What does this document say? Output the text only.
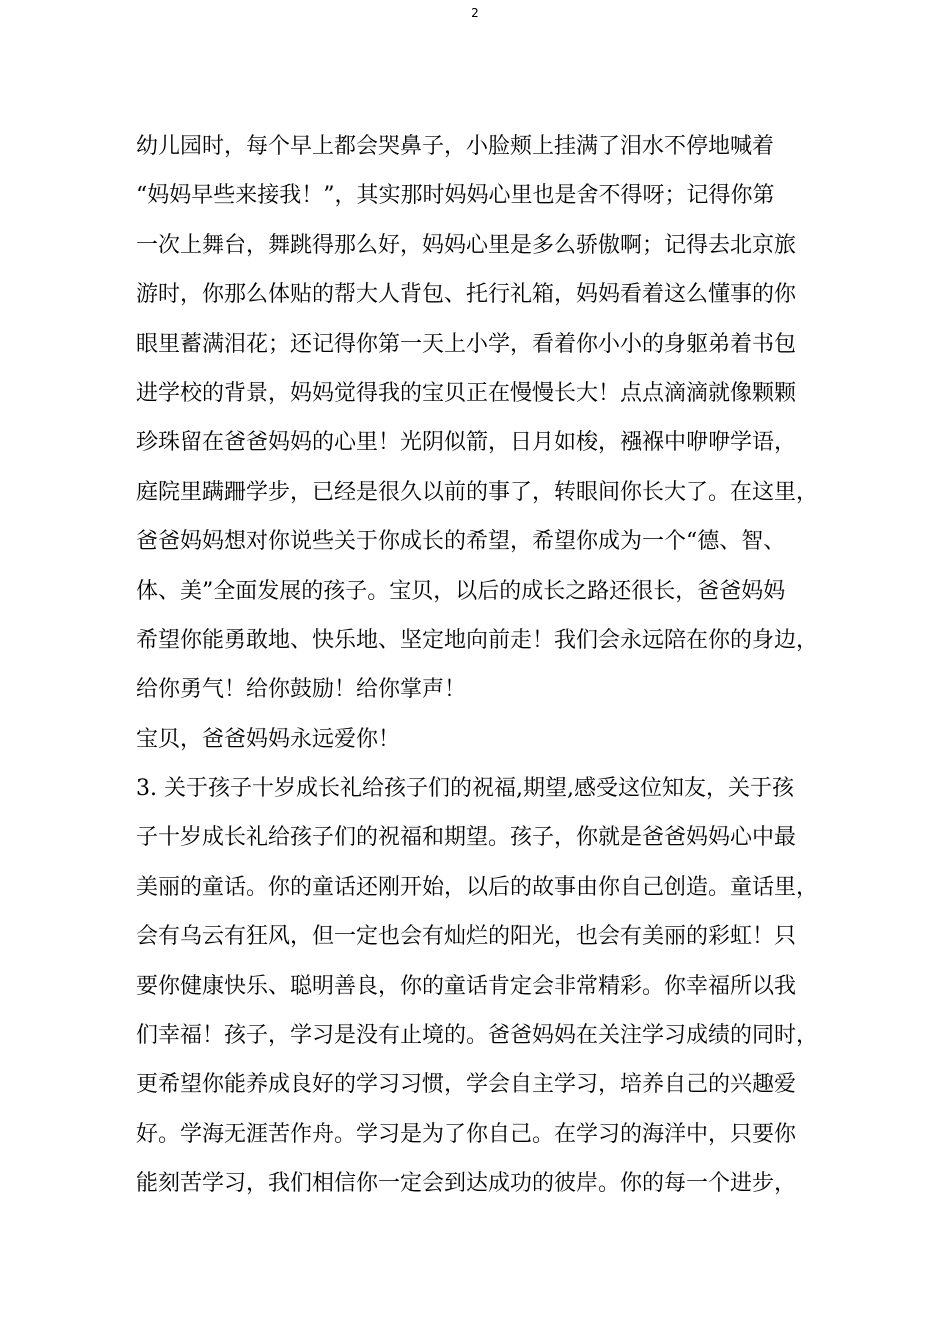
2
幼儿园时，每个早上都会哭鼻子，小脸颊上挂满了泪水不停地喊着
“妈妈早些来接我！”，其实那时妈妈心里也是舍不得呀；记得你第
一次上舞台，舞跳得那么好，妈妈心里是多么骄傲啊；记得去北京旅
游时，你那么体贴的帮大人背包、托行礼箱，妈妈看着这么懂事的你
眼里蓄满泪花；还记得你第一天上小学，看着你小小的身躯弟着书包
进学校的背景，妈妈觉得我的宝贝正在慢慢长大！点点滴滴就像颗颗
珍珠留在爸爸妈妈的心里！光阴似箭，日月如梭，襁褓中咿咿学语，
庭院里蹒跚学步，已经是很久以前的事了，转眼间你长大了。在这里，
爸爸妈妈想对你说些关于你成长的希望，希望你成为一个“德、智、
体、美”全面发展的孩子。宝贝，以后的成长之路还很长，爸爸妈妈
希望你能勇敢地、快乐地、坚定地向前走！我们会永远陪在你的身边，
给你勇气！给你鼓励！给你掌声！
宝贝，爸爸妈妈永远爱你！
3. 关于孩子十岁成长礼给孩子们的祝福,期望,感受这位知友，关于孩
子十岁成长礼给孩子们的祝福和期望。孩子，你就是爸爸妈妈心中最
美丽的童话。你的童话还刚开始，以后的故事由你自己创造。童话里，
会有乌云有狂风，但一定也会有灿烂的阳光，也会有美丽的彩虹！只
要你健康快乐、聪明善良，你的童话肯定会非常精彩。你幸福所以我
们幸福！孩子，学习是没有止境的。爸爸妈妈在关注学习成绩的同时，
更希望你能养成良好的学习习惯，学会自主学习，培养自己的兴趣爱
好。学海无涯苦作舟。学习是为了你自己。在学习的海洋中，只要你
能刻苦学习，我们相信你一定会到达成功的彼岸。你的每一个进步，
